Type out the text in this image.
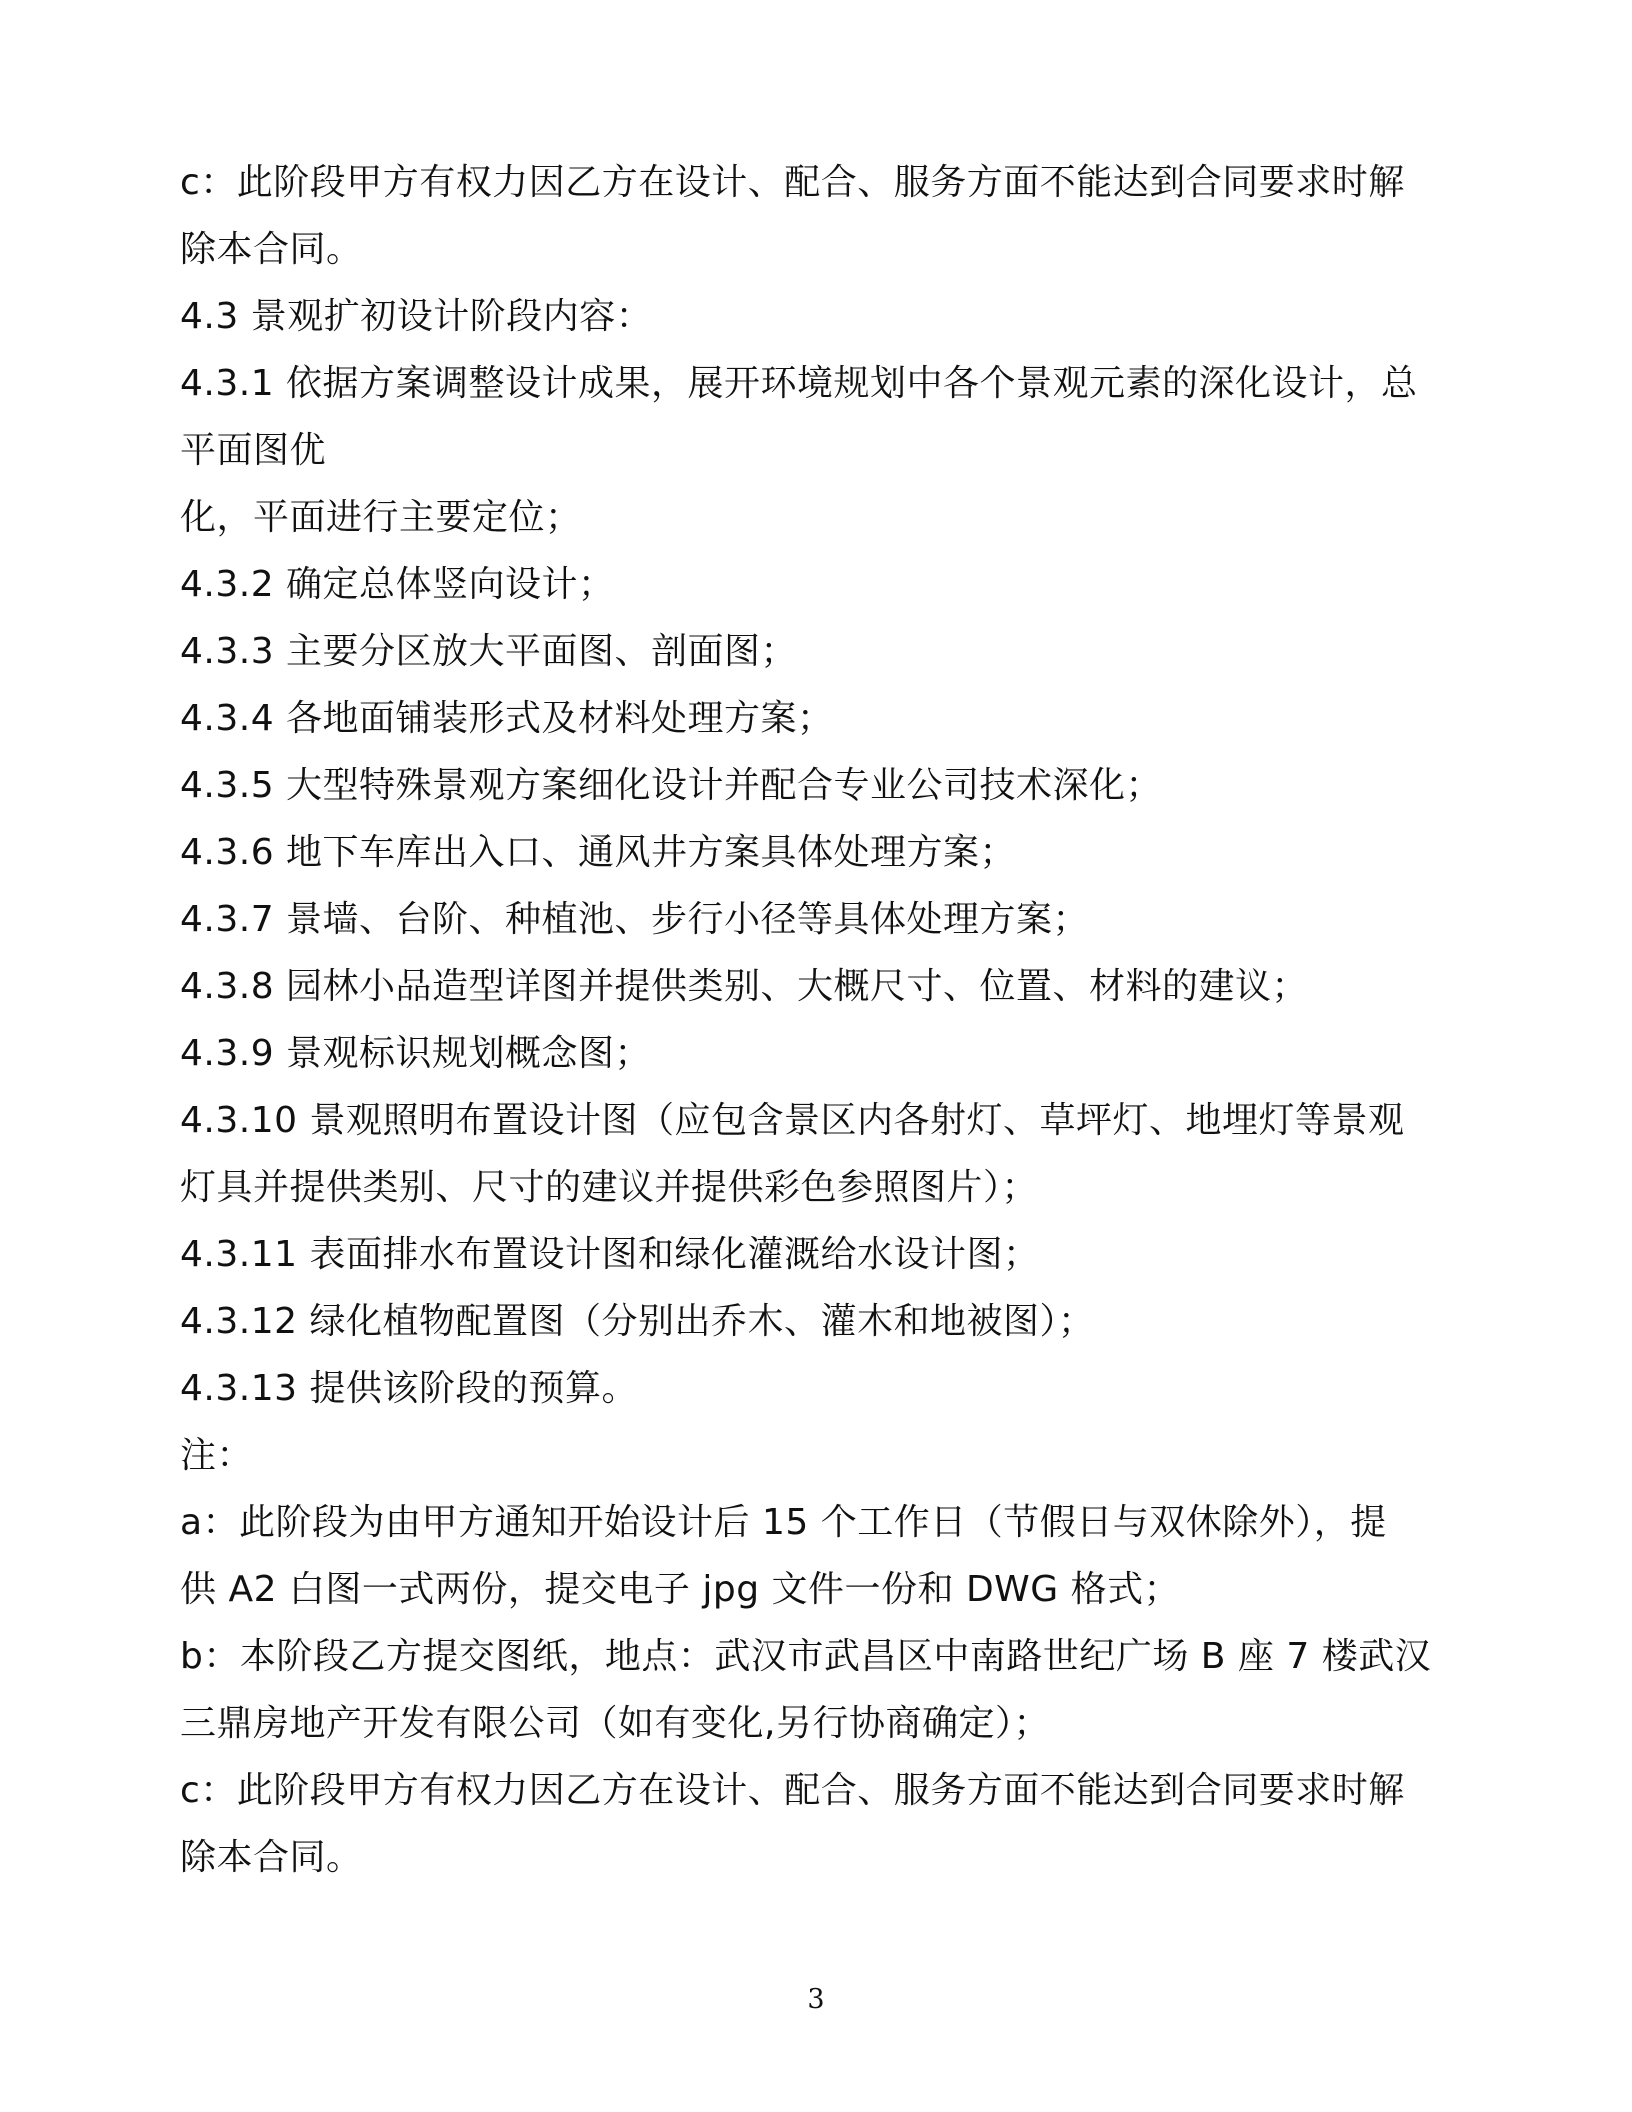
c：此阶段甲方有权力因乙方在设计、配合、服务方面不能达到合同要求时解
除本合同。
4.3 景观扩初设计阶段内容：
4.3.1 依据方案调整设计成果，展开环境规划中各个景观元素的深化设计，总
平面图优
化，平面进行主要定位；
4.3.2 确定总体竖向设计；
4.3.3 主要分区放大平面图、剖面图；
4.3.4 各地面铺装形式及材料处理方案；
4.3.5 大型特殊景观方案细化设计并配合专业公司技术深化；
4.3.6 地下车库出入口、通风井方案具体处理方案；
4.3.7 景墙、台阶、种植池、步行小径等具体处理方案；
4.3.8 园林小品造型详图并提供类别、大概尺寸、位置、材料的建议；
4.3.9 景观标识规划概念图；
4.3.10 景观照明布置设计图（应包含景区内各射灯、草坪灯、地埋灯等景观
灯具并提供类别、尺寸的建议并提供彩色参照图片）；
4.3.11 表面排水布置设计图和绿化灌溉给水设计图；
4.3.12 绿化植物配置图（分别出乔木、灌木和地被图）；
4.3.13 提供该阶段的预算。
注：
a：此阶段为由甲方通知开始设计后 15 个工作日（节假日与双休除外），提
供 A2 白图一式两份，提交电子 jpg 文件一份和 DWG 格式；
b：本阶段乙方提交图纸，地点：武汉市武昌区中南路世纪广场 B 座 7 楼武汉
三鼎房地产开发有限公司（如有变化,另行协商确定）；
c：此阶段甲方有权力因乙方在设计、配合、服务方面不能达到合同要求时解
除本合同。
3
